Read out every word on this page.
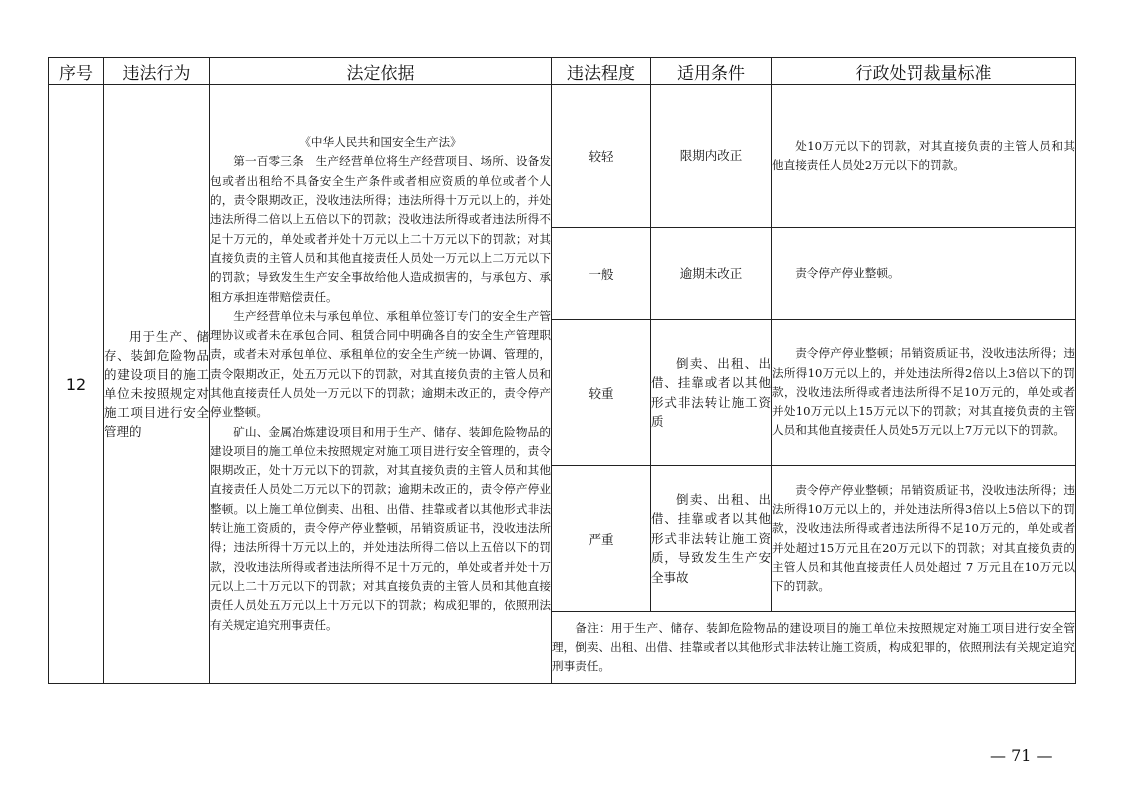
序号	违法行为	法定依据	违法程度	适用条件	行政处罚裁量标准
12	用于生产、储存、装卸危险物品的建设项目的施工单位未按照规定对施工项目进行安全管理的	《中华人民共和国安全生产法》

第一百零三条　生产经营单位将生产经营项目、场所、设备发包或者出租给不具备安全生产条件或者相应资质的单位或者个人的，责令限期改正，没收违法所得；违法所得十万元以上的，并处违法所得二倍以上五倍以下的罚款；没收违法所得或者违法所得不足十万元的，单处或者并处十万元以上二十万元以下的罚款；对其直接负责的主管人员和其他直接责任人员处一万元以上二万元以下的罚款；导致发生生产安全事故给他人造成损害的，与承包方、承租方承担连带赔偿责任。

生产经营单位未与承包单位、承租单位签订专门的安全生产管理协议或者未在承包合同、租赁合同中明确各自的安全生产管理职责，或者未对承包单位、承租单位的安全生产统一协调、管理的，责令限期改正，处五万元以下的罚款，对其直接负责的主管人员和其他直接责任人员处一万元以下的罚款；逾期未改正的，责令停产停业整顿。

矿山、金属冶炼建设项目和用于生产、储存、装卸危险物品的建设项目的施工单位未按照规定对施工项目进行安全管理的，责令限期改正，处十万元以下的罚款，对其直接负责的主管人员和其他直接责任人员处二万元以下的罚款；逾期未改正的，责令停产停业整顿。以上施工单位倒卖、出租、出借、挂靠或者以其他形式非法转让施工资质的，责令停产停业整顿，吊销资质证书，没收违法所得；违法所得十万元以上的，并处违法所得二倍以上五倍以下的罚款，没收违法所得或者违法所得不足十万元的，单处或者并处十万元以上二十万元以下的罚款；对其直接负责的主管人员和其他直接责任人员处五万元以上十万元以下的罚款；构成犯罪的，依照刑法有关规定追究刑事责任。	较轻	限期内改正	处10万元以下的罚款，对其直接负责的主管人员和其他直接责任人员处2万元以下的罚款。

			一般	逾期未改正	责令停产停业整顿。

			较重	倒卖、出租、出借、挂靠或者以其他形式非法转让施工资质	责令停产停业整顿；吊销资质证书，没收违法所得；违法所得10万元以上的，并处违法所得2倍以上3倍以下的罚款，没收违法所得或者违法所得不足10万元的，单处或者并处10万元以上15万元以下的罚款；对其直接负责的主管人员和其他直接责任人员处5万元以上7万元以下的罚款。

			严重	倒卖、出租、出借、挂靠或者以其他形式非法转让施工资质，导致发生生产安全事故	责令停产停业整顿；吊销资质证书，没收违法所得；违法所得10万元以上的，并处违法所得3倍以上5倍以下的罚款，没收违法所得或者违法所得不足10万元的，单处或者并处超过15万元且在20万元以下的罚款；对其直接负责的主管人员和其他直接责任人员处超过 7 万元且在10万元以下的罚款。

			备注：用于生产、储存、装卸危险物品的建设项目的施工单位未按照规定对施工项目进行安全管理，倒卖、出租、出借、挂靠或者以其他形式非法转让施工资质，构成犯罪的，依照刑法有关规定追究刑事责任。		
— 71 —
